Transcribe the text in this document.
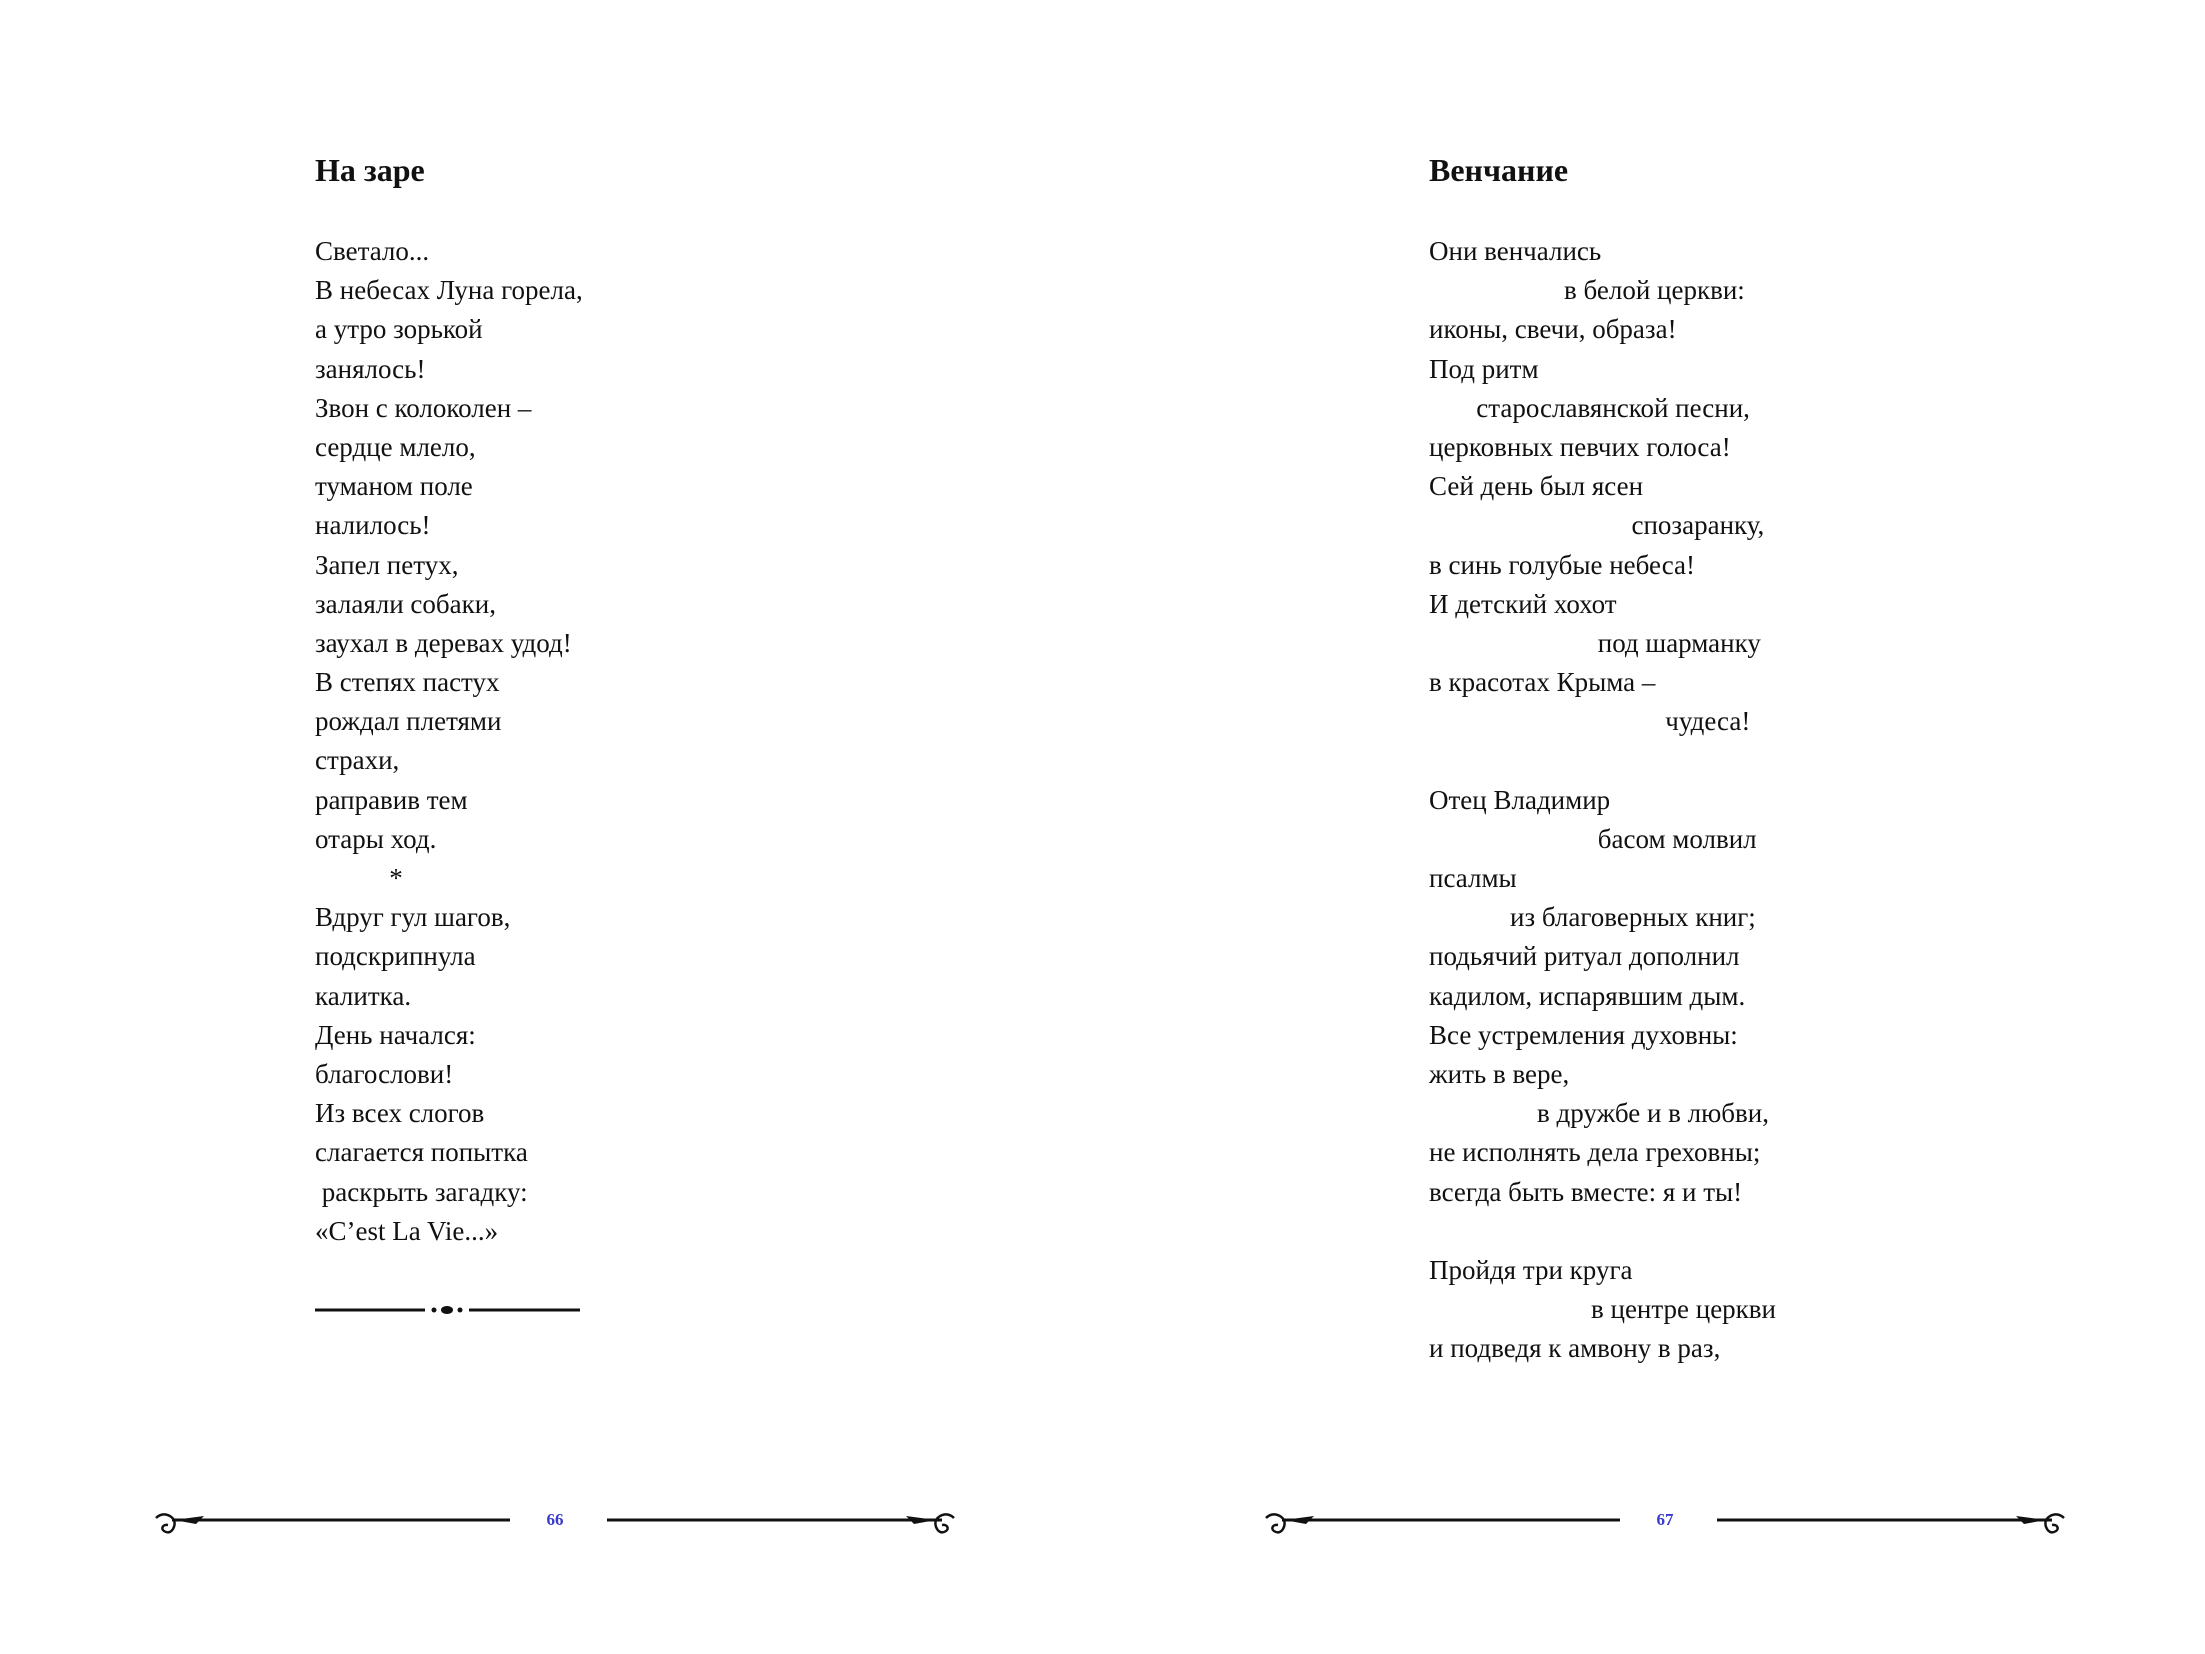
На заре
Светало...
В небесах Луна горела,
а утро зорькой
занялось!
Звон с колоколен –
сердце млело,
туманом поле
налилось!
Запел петух,
залаяли собаки,
заухал в деревах удод!
В степях пастух
рождал плетями
страхи,
раправив тем
отары ход.
*
Вдруг гул шагов,
подскрипнула
калитка.
День начался:
благослови!
Из всех слогов
слагается попытка
раскрыть загадку:
«C’est La Vie...»
66
Венчание
Они венчались
в белой церкви:
иконы, свечи, образа!
Под ритм
старославянской песни,
церковных певчих голоса!
Сей день был ясен
спозаранку,
в синь голубые небеса!
И детский хохот
под шарманку
в красотах Крыма –
чудеса!
Отец Владимир
басом молвил
псалмы
из благоверных книг;
подьячий ритуал дополнил
кадилом, испарявшим дым.
Все устремления духовны:
жить в вере,
в дружбе и в любви,
не исполнять дела греховны;
всегда быть вместе: я и ты!
Пройдя три круга
в центре церкви
и подведя к амвону в раз,
67
